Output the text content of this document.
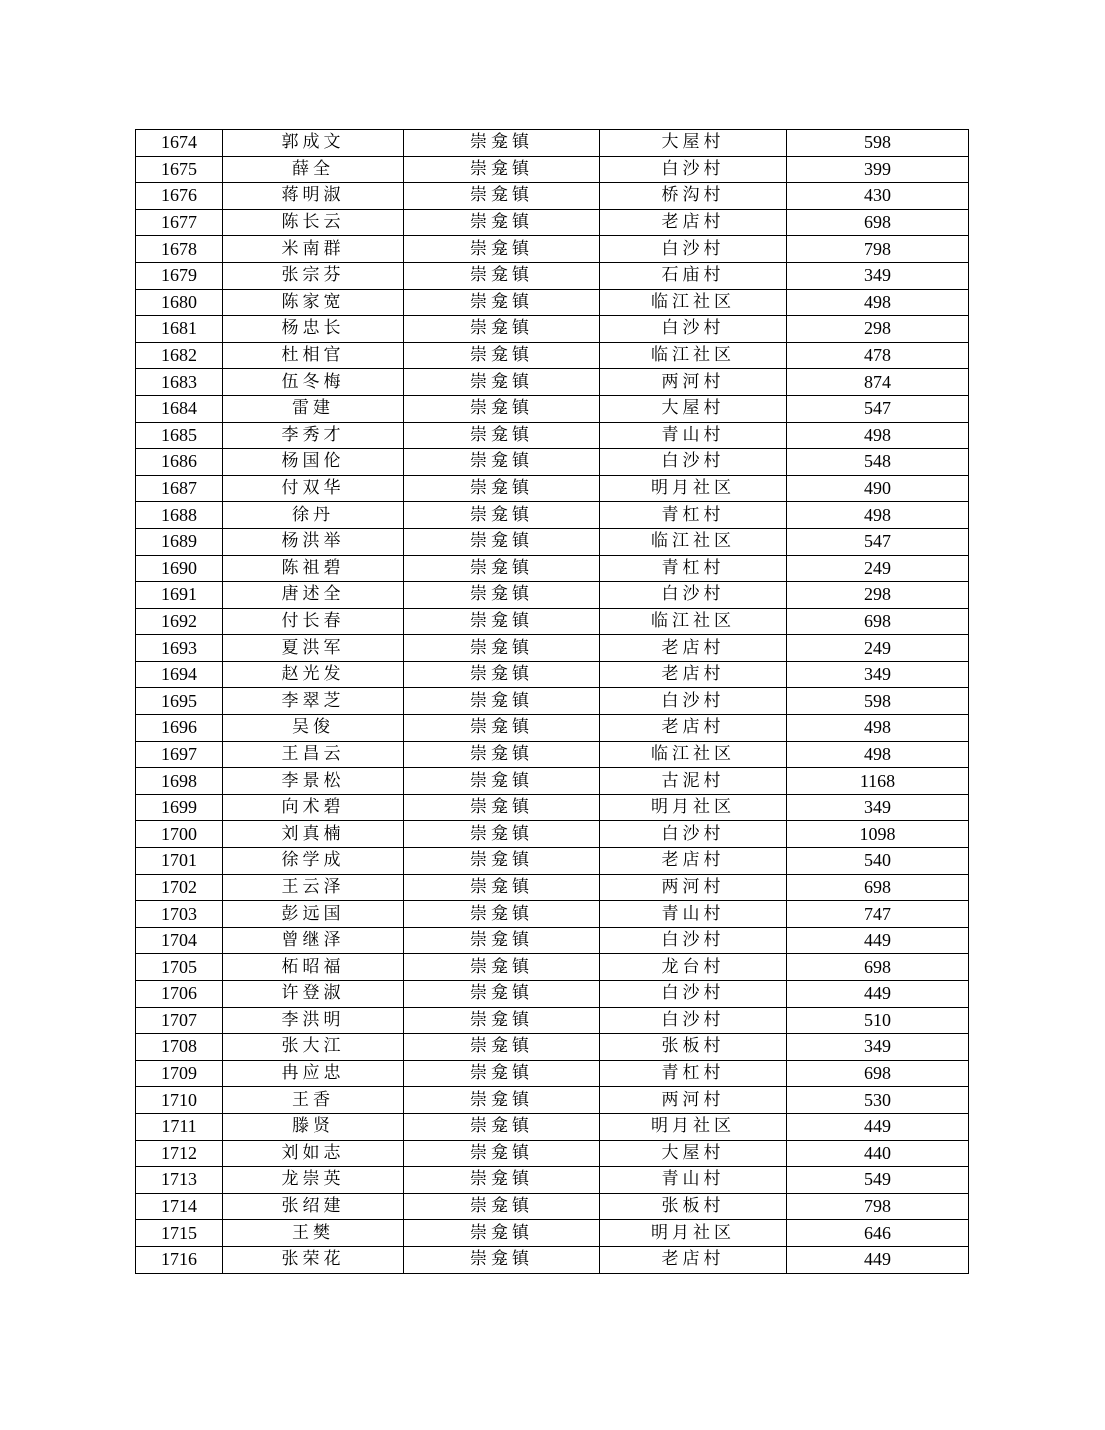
1674	郭成文	崇龛镇	大屋村	598
1675	薛全	崇龛镇	白沙村	399
1676	蒋明淑	崇龛镇	桥沟村	430
1677	陈长云	崇龛镇	老店村	698
1678	米南群	崇龛镇	白沙村	798
1679	张宗芬	崇龛镇	石庙村	349
1680	陈家宽	崇龛镇	临江社区	498
1681	杨忠长	崇龛镇	白沙村	298
1682	杜相官	崇龛镇	临江社区	478
1683	伍冬梅	崇龛镇	两河村	874
1684	雷建	崇龛镇	大屋村	547
1685	李秀才	崇龛镇	青山村	498
1686	杨国伦	崇龛镇	白沙村	548
1687	付双华	崇龛镇	明月社区	490
1688	徐丹	崇龛镇	青杠村	498
1689	杨洪举	崇龛镇	临江社区	547
1690	陈祖碧	崇龛镇	青杠村	249
1691	唐述全	崇龛镇	白沙村	298
1692	付长春	崇龛镇	临江社区	698
1693	夏洪军	崇龛镇	老店村	249
1694	赵光发	崇龛镇	老店村	349
1695	李翠芝	崇龛镇	白沙村	598
1696	吴俊	崇龛镇	老店村	498
1697	王昌云	崇龛镇	临江社区	498
1698	李景松	崇龛镇	古泥村	1168
1699	向术碧	崇龛镇	明月社区	349
1700	刘真楠	崇龛镇	白沙村	1098
1701	徐学成	崇龛镇	老店村	540
1702	王云泽	崇龛镇	两河村	698
1703	彭远国	崇龛镇	青山村	747
1704	曾继泽	崇龛镇	白沙村	449
1705	柘昭福	崇龛镇	龙台村	698
1706	许登淑	崇龛镇	白沙村	449
1707	李洪明	崇龛镇	白沙村	510
1708	张大江	崇龛镇	张板村	349
1709	冉应忠	崇龛镇	青杠村	698
1710	王香	崇龛镇	两河村	530
1711	滕贤	崇龛镇	明月社区	449
1712	刘如志	崇龛镇	大屋村	440
1713	龙崇英	崇龛镇	青山村	549
1714	张绍建	崇龛镇	张板村	798
1715	王樊	崇龛镇	明月社区	646
1716	张荣花	崇龛镇	老店村	449
